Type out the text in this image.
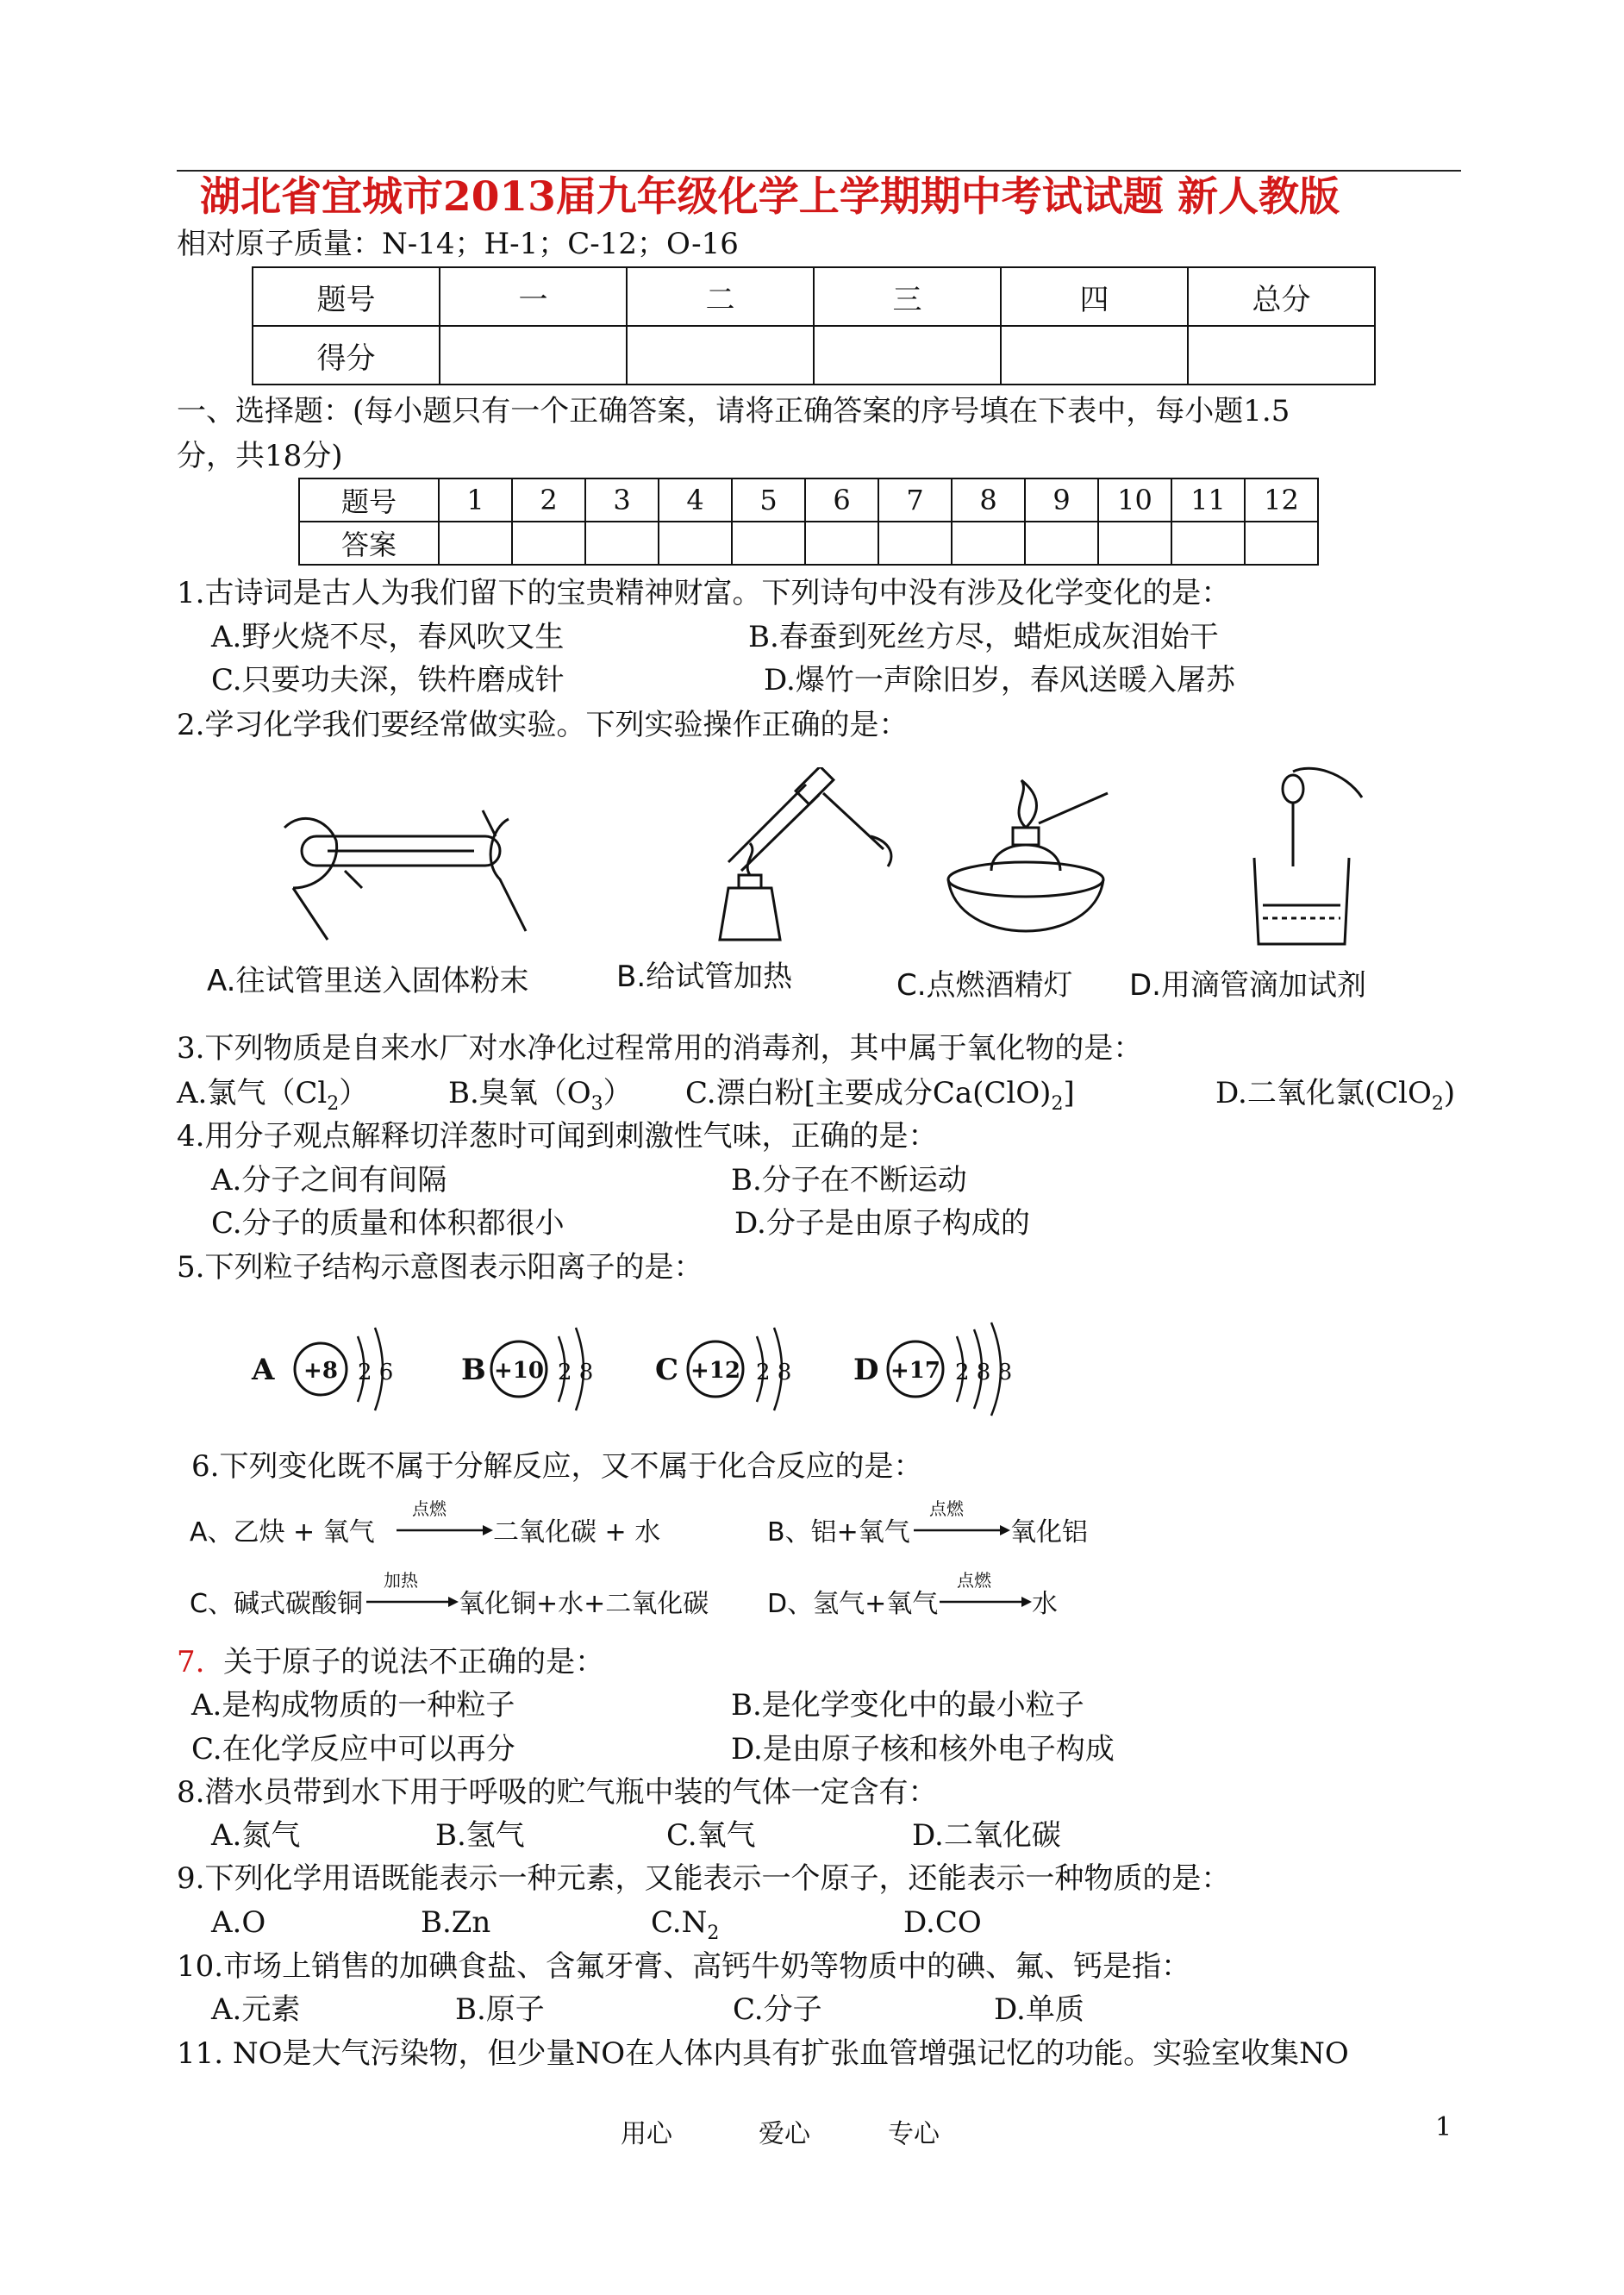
湖北省宜城市2013届九年级化学上学期期中考试试题 新人教版
相对原子质量：N-14；H-1；C-12；O-16
题号	一	二	三	四	总分
得分					
一、选择题：(每小题只有一个正确答案，请将正确答案的序号填在下表中，每小题1.5
分，共18分)
题号	1	2	3	4	5	6	7	8	9	10	11	12
答案												
1.古诗词是古人为我们留下的宝贵精神财富。下列诗句中没有涉及化学变化的是：
A.野火烧不尽，春风吹又生	B.春蚕到死丝方尽，蜡炬成灰泪始干
C.只要功夫深，铁杵磨成针	D.爆竹一声除旧岁，春风送暖入屠苏
2.学习化学我们要经常做实验。下列实验操作正确的是：
A.往试管里送入固体粉末	B.给试管加热	C.点燃酒精灯 D.用滴管滴加试剂
3.下列物质是自来水厂对水净化过程常用的消毒剂，其中属于氧化物的是：
A.氯气$(Cl_2)$	B.臭氧$(O_3)$ C.漂白粉[主要成分$Ca(ClO)_2$]	D.二氧化氯(ClO$_2$)
4.用分子观点解释切洋葱时可闻到刺激性气味，正确的是：
A.分子之间有间隔	B.分子在不断运动
C.分子的质量和体积都很小	D.分子是由原子构成的
5.下列粒子结构示意图表示阳离子的是：
A +8 2 6 B +10 2 8 C +12 2 8 D +17 2 8 8
6.下列变化既不属于分解反应，又不属于化合反应的是：
A、乙炔 + 氧气
点燃
二氧化碳 + 水	B、铝+氧气
点燃
氧化铝
C、碱式碳酸铜
加热
氧化铜+水+二氧化碳 D、氢气+氧气
点燃
水
7. 关于原子的说法不正确的是：
A.是构成物质的一种粒子	B.是化学变化中的最小粒子
C.在化学反应中可以再分	D.是由原子核和核外电子构成
8.潜水员带到水下用于呼吸的贮气瓶中装的气体一定含有：
A.氮气	B.氢气	C.氧气	D.二氧化碳
9.下列化学用语既能表示一种元素，又能表示一个原子，还能表示一种物质的是：
A.O	B.Zn	$C.N_2$	D.CO
10.市场上销售的加碘食盐、含氟牙膏、高钙牛奶等物质中的碘、氟、钙是指：
A.元素	B.原子	C.分子	D.单质
11. NO是大气污染物，但少量NO在人体内具有扩张血管增强记忆的功能。实验室收集NO
用心	爱心	专心	1
